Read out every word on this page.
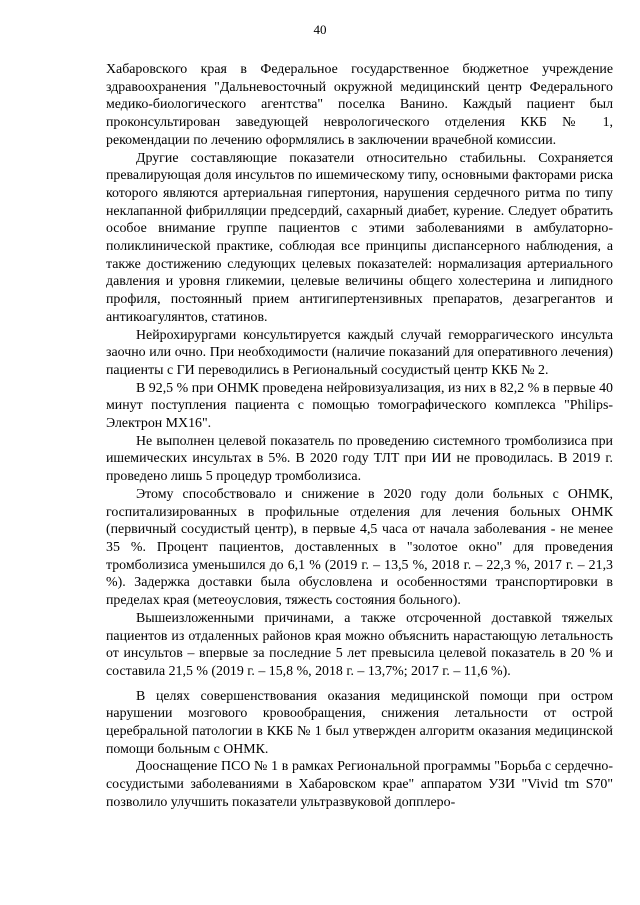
40

Хабаровского края в Федеральное государственное бюджетное учреждение здравоохранения "Дальневосточный окружной медицинский центр Федерального медико-биологического агентства" поселка Ванино. Каждый пациент был проконсультирован заведующей неврологического отделения ККБ № 1, рекомендации по лечению оформлялись в заключении врачебной комиссии.

Другие составляющие показатели относительно стабильны. Сохраняется превалирующая доля инсультов по ишемическому типу, основными факторами риска которого являются артериальная гипертония, нарушения сердечного ритма по типу неклапанной фибрилляции предсердий, сахарный диабет, курение. Следует обратить особое внимание группе пациентов с этими заболеваниями в амбулаторно-поликлинической практике, соблюдая все принципы диспансерного наблюдения, а также достижению следующих целевых показателей: нормализация артериального давления и уровня гликемии, целевые величины общего холестерина и липидного профиля, постоянный прием антигипертензивных препаратов, дезагрегантов и антикоагулянтов, статинов.

Нейрохирургами консультируется каждый случай геморрагического инсульта заочно или очно. При необходимости (наличие показаний для оперативного лечения) пациенты с ГИ переводились в Региональный сосудистый центр ККБ № 2.

В 92,5 % при ОНМК проведена нейровизуализация, из них в 82,2 % в первые 40 минут поступления пациента с помощью томографического комплекса "Philips-Электрон МХ16".

Не выполнен целевой показатель по проведению системного тромболизиса при ишемических инсультах в 5%. В 2020 году ТЛТ при ИИ не проводилась. В 2019 г. проведено лишь 5 процедур тромболизиса.

Этому способствовало и снижение в 2020 году доли больных с ОНМК, госпитализированных в профильные отделения для лечения больных ОНМК (первичный сосудистый центр), в первые 4,5 часа от начала заболевания - не менее 35 %. Процент пациентов, доставленных в "золотое окно" для проведения тромболизиса уменьшился до 6,1 % (2019 г. – 13,5 %, 2018 г. – 22,3 %, 2017 г. – 21,3 %). Задержка доставки была обусловлена и особенностями транспортировки в пределах края (метеоусловия, тяжесть состояния больного).

Вышеизложенными причинами, а также отсроченной доставкой тяжелых пациентов из отдаленных районов края можно объяснить нарастающую летальность от инсультов – впервые за последние 5 лет превысила целевой показатель в 20 % и составила 21,5 % (2019 г. – 15,8 %, 2018 г. – 13,7%; 2017 г. – 11,6 %).

В целях совершенствования оказания медицинской помощи при остром нарушении мозгового кровообращения, снижения летальности от острой церебральной патологии в ККБ № 1 был утвержден алгоритм оказания медицинской помощи больным с ОНМК.

Дооснащение ПСО № 1 в рамках Региональной программы "Борьба с сердечно-сосудистыми заболеваниями в Хабаровском крае" аппаратом УЗИ "Vivid tm S70" позволило улучшить показатели ультразвуковой допплеро-
